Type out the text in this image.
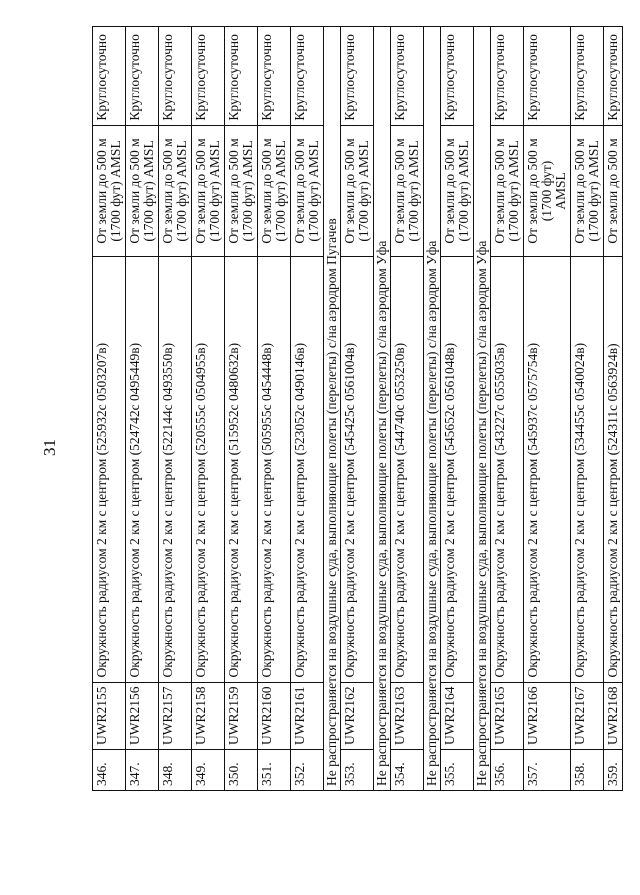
31
346.	UWR2155	Окружность радиусом 2 км с центром (525932с 0503207в)	От земли до 500 м (1700 фут) AMSL	Круглосуточно
347.	UWR2156	Окружность радиусом 2 км с центром (524742с 0495449в)	От земли до 500 м (1700 фут) AMSL	Круглосуточно
348.	UWR2157	Окружность радиусом 2 км с центром (522144с 0493550в)	От земли до 500 м (1700 фут) AMSL	Круглосуточно
349.	UWR2158	Окружность радиусом 2 км с центром (520555с 0504955в)	От земли до 500 м (1700 фут) AMSL	Круглосуточно
350.	UWR2159	Окружность радиусом 2 км с центром (515952с 0480632в)	От земли до 500 м (1700 фут) AMSL	Круглосуточно
351.	UWR2160	Окружность радиусом 2 км с центром (505955с 0454448в)	От земли до 500 м (1700 фут) AMSL	Круглосуточно
352.	UWR2161	Окружность радиусом 2 км с центром (523052с 0490146в)	От земли до 500 м (1700 фут) AMSL	Круглосуточно
Не распространяется на воздушные суда, выполняющие полеты (перелеты) с/на аэродром Пугачев				
353.	UWR2162	Окружность радиусом 2 км с центром (545425с 0561004в)	От земли до 500 м (1700 фут) AMSL	Круглосуточно
Не распространяется на воздушные суда, выполняющие полеты (перелеты) с/на аэродром Уфа				
354.	UWR2163	Окружность радиусом 2 км с центром (544740с 0553250в)	От земли до 500 м (1700 фут) AMSL	Круглосуточно
Не распространяется на воздушные суда, выполняющие полеты (перелеты) с/на аэродром Уфа				
355.	UWR2164	Окружность радиусом 2 км с центром (545652с 0561048в)	От земли до 500 м (1700 фут) AMSL	Круглосуточно
Не распространяется на воздушные суда, выполняющие полеты (перелеты) с/на аэродром Уфа				
356.	UWR2165	Окружность радиусом 2 км с центром (543227с 0555035в)	От земли до 500 м (1700 фут) AMSL	Круглосуточно
357.	UWR2166	Окружность радиусом 2 км с центром (545937с 0575754в)	От земли до 500 м (1700 фут) AMSL	Круглосуточно
358.	UWR2167	Окружность радиусом 2 км с центром (534455с 0540024в)	От земли до 500 м (1700 фут) AMSL	Круглосуточно
359.	UWR2168	Окружность радиусом 2 км с центром (524311с 0563924в)	От земли до 500 м	Круглосуточно
